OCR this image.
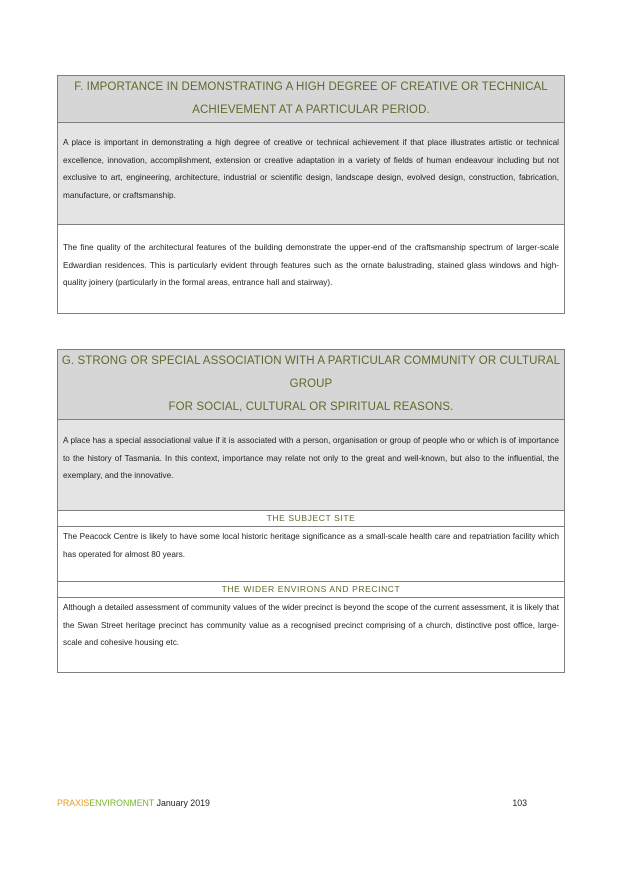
F. IMPORTANCE IN DEMONSTRATING A HIGH DEGREE OF CREATIVE OR TECHNICAL
ACHIEVEMENT AT A PARTICULAR PERIOD.
A place is important in demonstrating a high degree of creative or technical achievement if that place illustrates artistic or technical excellence, innovation, accomplishment, extension or creative adaptation in a variety of fields of human endeavour including but not exclusive to art, engineering, architecture, industrial or scientific design, landscape design, evolved design, construction, fabrication, manufacture, or craftsmanship.
The fine quality of the architectural features of the building demonstrate the upper-end of the craftsmanship spectrum of larger-scale Edwardian residences. This is particularly evident through features such as the ornate balustrading, stained glass windows and high-quality joinery (particularly in the formal areas, entrance hall and stairway).
G. STRONG OR SPECIAL ASSOCIATION WITH A PARTICULAR COMMUNITY OR CULTURAL GROUP
FOR SOCIAL, CULTURAL OR SPIRITUAL REASONS.
A place has a special associational value if it is associated with a person, organisation or group of people who or which is of importance to the history of Tasmania. In this context, importance may relate not only to the great and well-known, but also to the influential, the exemplary, and the innovative.
THE SUBJECT SITE
The Peacock Centre is likely to have some local historic heritage significance as a small-scale health care and repatriation facility which has operated for almost 80 years.
THE WIDER ENVIRONS AND PRECINCT
Although a detailed assessment of community values of the wider precinct is beyond the scope of the current assessment, it is likely that the Swan Street heritage precinct has community value as a recognised precinct comprising of a church, distinctive post office, large-scale and cohesive housing etc.
PRAXISENVIRONMENT January 2019	103
